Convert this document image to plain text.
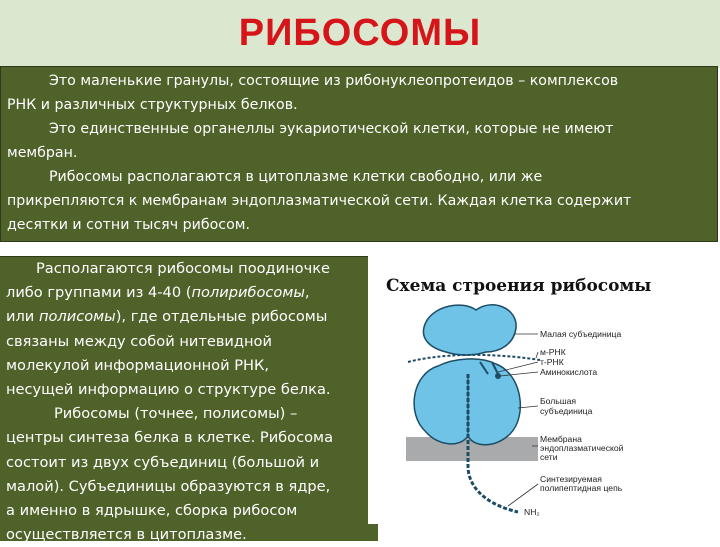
РИБОСОМЫ

Это маленькие гранулы, состоящие из рибонуклеопротеидов – комплексов

РНК и различных структурных белков.

Это единственные органеллы эукариотической клетки, которые не имеют

мембран.

Рибосомы располагаются в цитоплазме клетки свободно, или же

прикрепляются к мембранам эндоплазматической сети. Каждая клетка содержит

десятки и сотни тысяч рибосом.

Располагаются рибосомы поодиночке

либо группами из 4-40 (полирибосомы,

или полисомы), где отдельные рибосомы

связаны между собой нитевидной

молекулой информационной РНК,

несущей информацию о структуре белка.

Рибосомы (точнее, полисомы) –

центры синтеза белка в клетке. Рибосома

состоит из двух субъединиц (большой и

малой). Субъединицы образуются в ядре,

а именно в ядрышке, сборка рибосом

осуществляется в цитоплазме.

Схема строения рибосомы
Малая субъединица
м-РНК
т-РНК
Аминокислота
Большая
субъединица
Мембрана
эндоплазматической
сети
Синтезируемая
полипептидная цепь
NH₂
